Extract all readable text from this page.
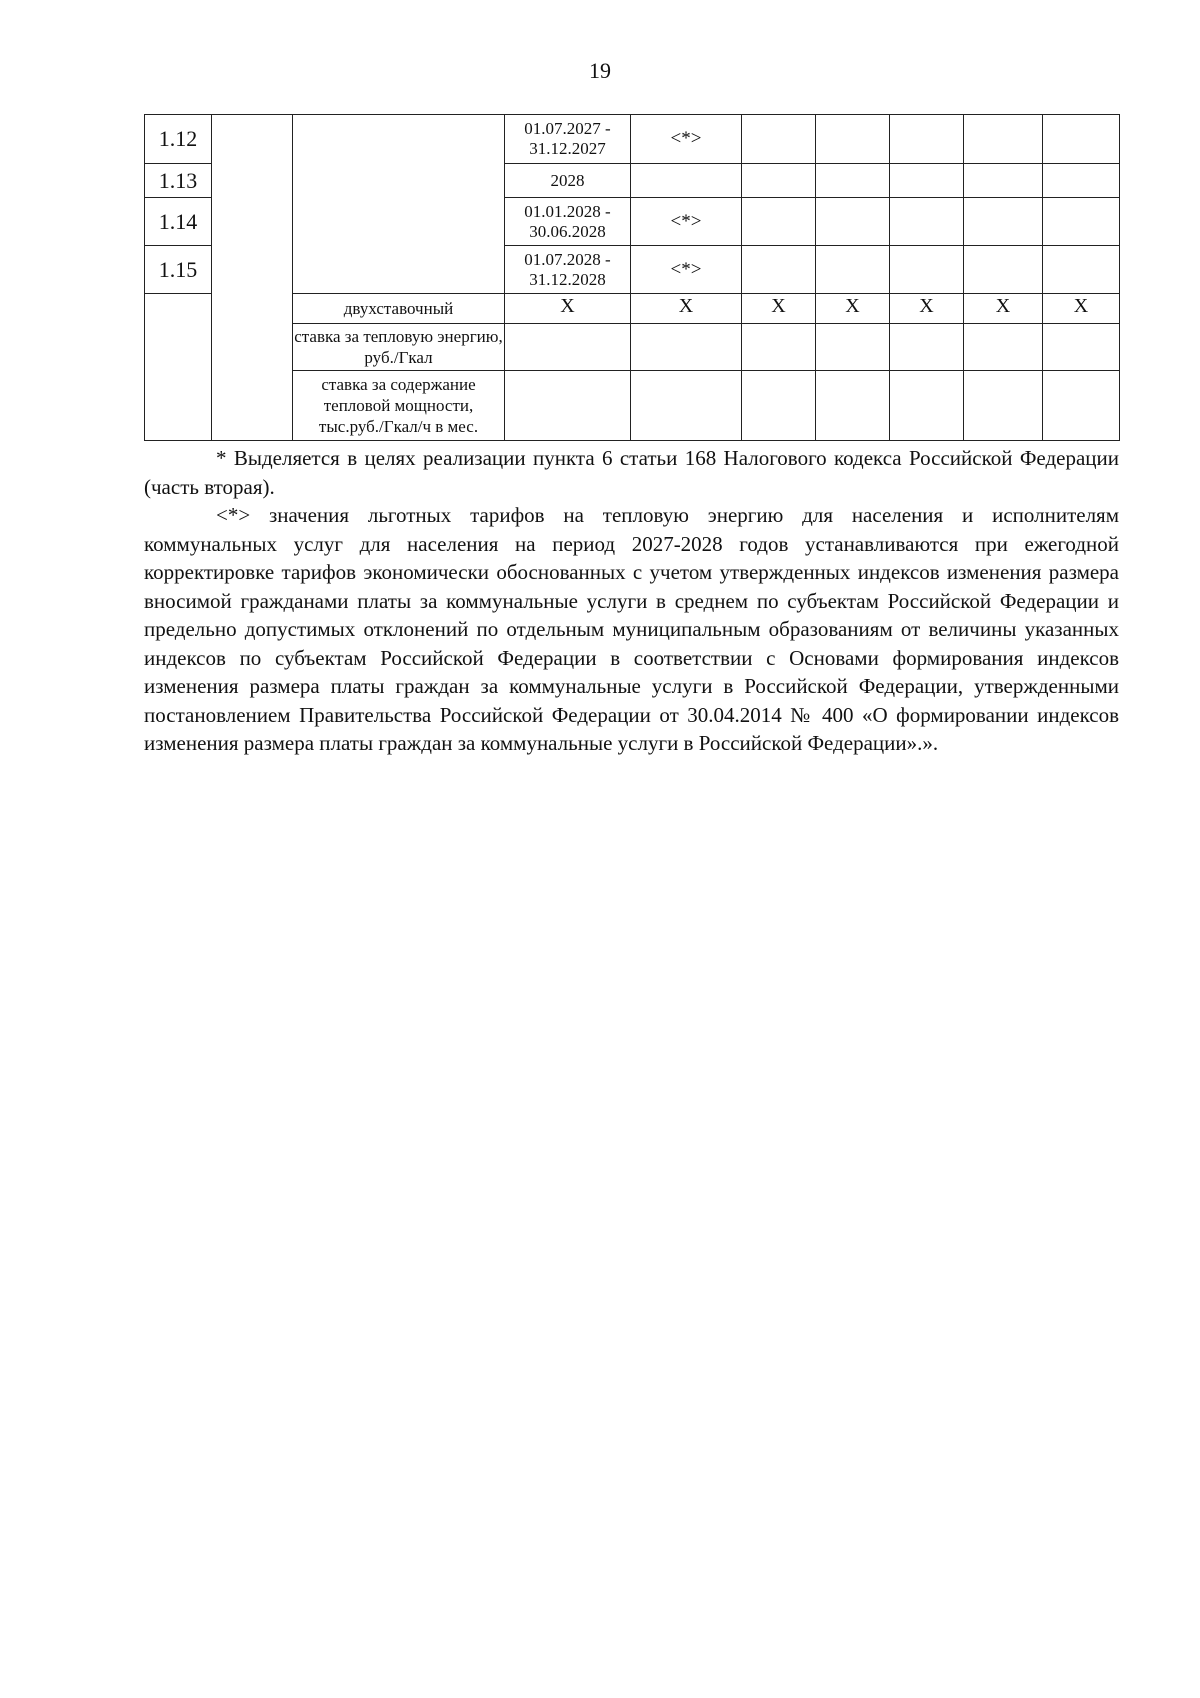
19
1.12			01.07.2027 - 31.12.2027	<*>					
1.13			2028						
1.14			01.01.2028 - 30.06.2028	<*>					
1.15			01.07.2028 - 31.12.2028	<*>					
		двухставочный	X	X	X	X	X	X	X
		ставка за тепловую энергию, руб./Гкал							
		ставка за содержание тепловой мощности, тыс.руб./Гкал/ч в мес.							

* Выделяется в целях реализации пункта 6 статьи 168 Налогового кодекса Российской Федерации (часть вторая).

<*> значения льготных тарифов на тепловую энергию для населения и исполнителям коммунальных услуг для населения на период 2027-2028 годов устанавливаются при ежегодной корректировке тарифов экономически обоснованных с учетом утвержденных индексов изменения размера вносимой гражданами платы за коммунальные услуги в среднем по субъектам Российской Федерации и предельно допустимых отклонений по отдельным муниципальным образованиям от величины указанных индексов по субъектам Российской Федерации в соответствии с Основами формирования индексов изменения размера платы граждан за коммунальные услуги в Российской Федерации, утвержденными постановлением Правительства Российской Федерации от 30.04.2014 № 400 «О формировании индексов изменения размера платы граждан за коммунальные услуги в Российской Федерации».».
